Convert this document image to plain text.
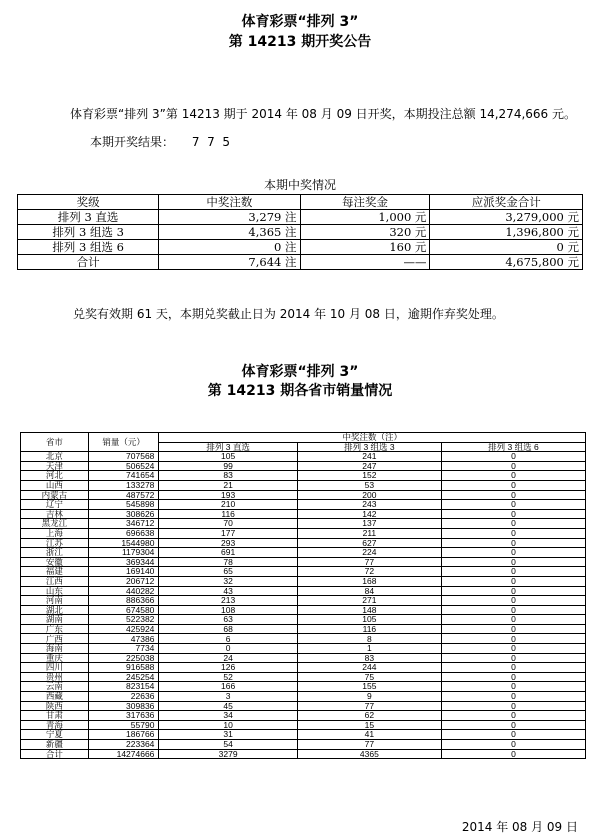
体育彩票“排列 3”
第 14213 期开奖公告
体育彩票“排列 3”第 14213 期于 2014 年 08 月 09 日开奖，本期投注总额 14,274,666 元。
本期开奖结果： 7  7  5
本期中奖情况
奖级	中奖注数	每注奖金	应派奖金合计
排列 3 直选	3,279 注	1,000 元	3,279,000 元
排列 3 组选 3	4,365 注	320 元	1,396,800 元
排列 3 组选 6	0 注	160 元	0 元
合计	7,644 注	——	4,675,800 元
兑奖有效期 61 天，本期兑奖截止日为 2014 年 10 月 08 日，逾期作弃奖处理。
体育彩票“排列 3”
第 14213 期各省市销量情况
省市	销量（元）	中奖注数（注）		
		排列 3 直选	排列 3 组选 3	排列 3 组选 6
北京	707568	105	241	0
天津	506524	99	247	0
河北	741654	83	152	0
山西	133278	21	53	0
内蒙古	487572	193	200	0
辽宁	545898	210	243	0
吉林	308626	116	142	0
黑龙江	346712	70	137	0
上海	696638	177	211	0
江苏	1544980	293	627	0
浙江	1179304	691	224	0
安徽	369344	78	77	0
福建	169140	65	72	0
江西	206712	32	168	0
山东	440282	43	84	0
河南	886366	213	271	0
湖北	674580	108	148	0
湖南	522382	63	105	0
广东	425924	68	116	0
广西	47386	6	8	0
海南	7734	0	1	0
重庆	225038	24	83	0
四川	916588	126	244	0
贵州	245254	52	75	0
云南	823154	166	155	0
西藏	22636	3	9	0
陕西	309836	45	77	0
甘肃	317636	34	62	0
青海	55790	10	15	0
宁夏	186766	31	41	0
新疆	223364	54	77	0
合计	14274666	3279	4365	0
2014 年 08 月 09 日
